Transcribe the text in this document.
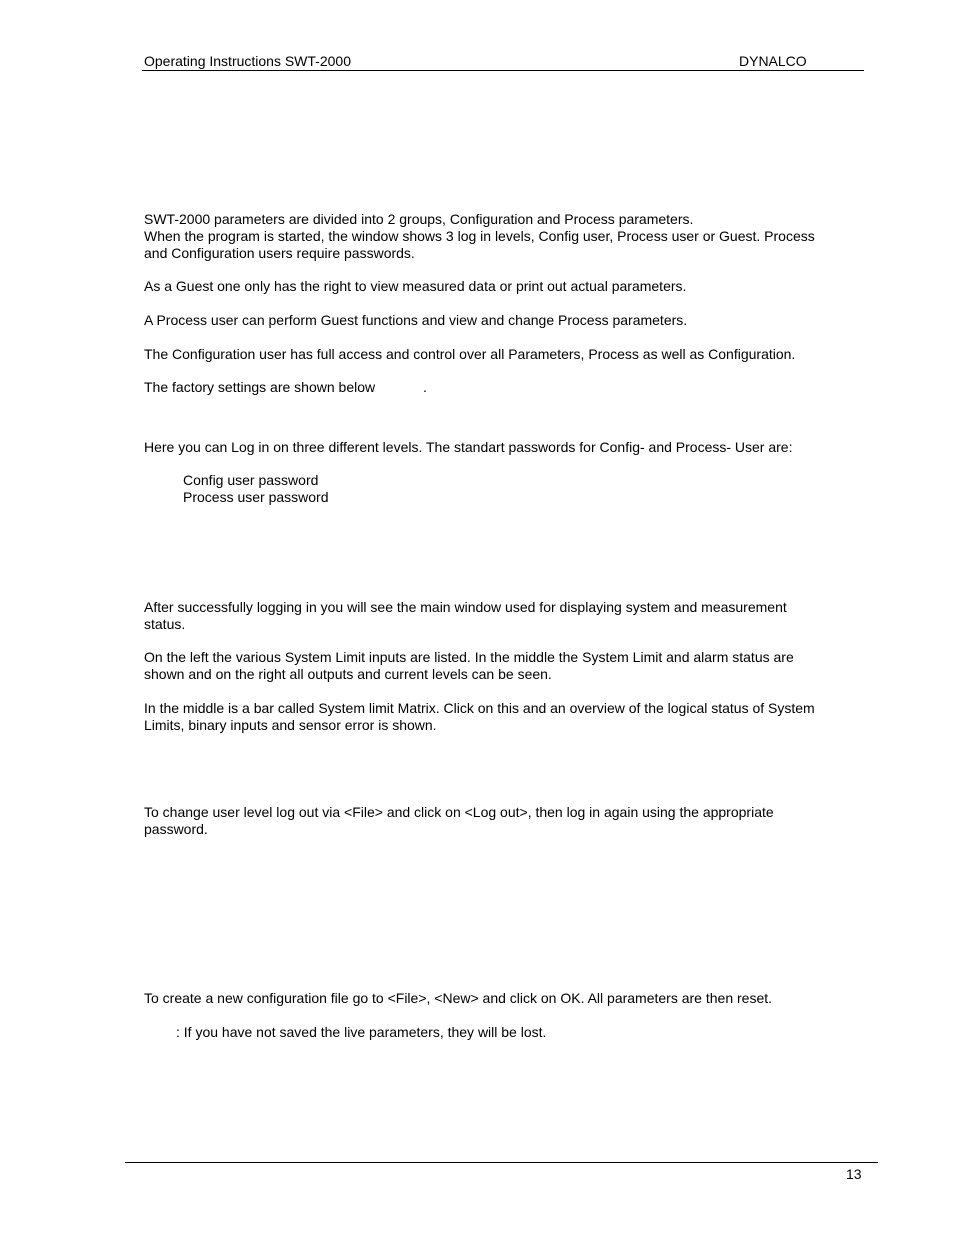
Operating Instructions SWT-2000	DYNALCO
SWT-2000 parameters are divided into 2 groups, Configuration and Process parameters.
When the program is started, the window shows 3 log in levels, Config user, Process user or Guest. Process
and Configuration users require passwords.
As a Guest one only has the right to view measured data or print out actual parameters.
A Process user can perform Guest functions and view and change Process parameters.
The Configuration user has full access and control over all Parameters, Process as well as Configuration.
The factory settings are shown below	.
Here you can Log in on three different levels. The standart passwords for Config- and Process- User are:
Config user password
Process user password
After successfully logging in you will see the main window used for displaying system and measurement
status.
On the left the various System Limit inputs are listed. In the middle the System Limit and alarm status are
shown and on the right all outputs and current levels can be seen.
In the middle is a bar called System limit Matrix. Click on this and an overview of the logical status of System
Limits, binary inputs and sensor error is shown.
To change user level log out via <File> and click on <Log out>, then log in again using the appropriate
password.
To create a new configuration file go to <File>, <New> and click on OK. All parameters are then reset.
: If you have not saved the live parameters, they will be lost.
13
